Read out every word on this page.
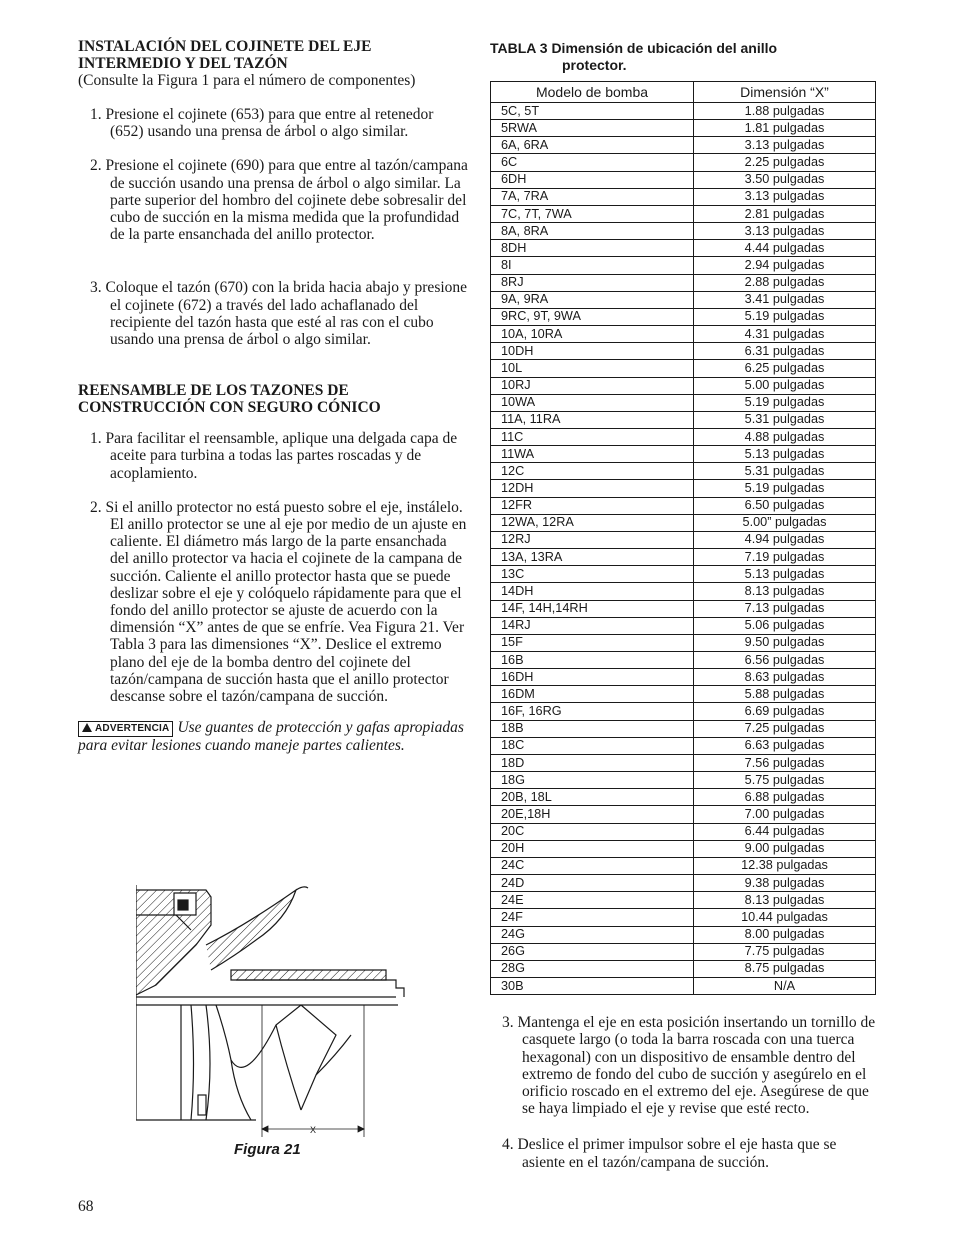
INSTALACIÓN DEL COJINETE DEL EJE INTERMEDIO Y DEL TAZÓN
(Consulte la Figura 1 para el número de componentes)

1. Presione el cojinete (653) para que entre al retenedor (652) usando una prensa de árbol o algo similar.

2. Presione el cojinete (690) para que entre al tazón/campana de succión usando una prensa de árbol o algo similar. La parte superior del hombro del cojinete debe sobresalir del cubo de succión en la misma medida que la profundidad de la parte ensanchada del anillo protector.

3. Coloque el tazón (670) con la brida hacia abajo y presione el cojinete (672) a través del lado achaflanado del recipiente del tazón hasta que esté al ras con el cubo usando una prensa de árbol o algo similar.

REENSAMBLE DE LOS TAZONES DE CONSTRUCCIÓN CON SEGURO CÓNICO

1. Para facilitar el reensamble, aplique una delgada capa de aceite para turbina a todas las partes roscadas y de acoplamiento.

2. Si el anillo protector no está puesto sobre el eje, instálelo. El anillo protector se une al eje por medio de un ajuste en caliente. El diámetro más largo de la parte ensanchada del anillo protector va hacia el cojinete de la campana de succión. Caliente el anillo protector hasta que se puede deslizar sobre el eje y colóquelo rápidamente para que el fondo del anillo protector se ajuste de acuerdo con la dimensión “X” antes de que se enfríe. Vea Figura 21. Ver Tabla 3 para las dimensiones “X”. Deslice el extremo plano del eje de la bomba dentro del cojinete del tazón/campana de succión hasta que el anillo protector descanse sobre el tazón/campana de succión.

ADVERTENCIA Use guantes de protección y gafas apropiadas para evitar lesiones cuando maneje partes calientes.
X
Figura 21
TABLA 3 Dimensión de ubicación del anillo
protector.
Modelo de bomba	Dimensión “X”
5C, 5T	1.88 pulgadas
5RWA	1.81 pulgadas
6A, 6RA	3.13 pulgadas
6C	2.25 pulgadas
6DH	3.50 pulgadas
7A, 7RA	3.13 pulgadas
7C, 7T, 7WA	2.81 pulgadas
8A, 8RA	3.13 pulgadas
8DH	4.44 pulgadas
8I	2.94 pulgadas
8RJ	2.88 pulgadas
9A, 9RA	3.41 pulgadas
9RC, 9T, 9WA	5.19 pulgadas
10A, 10RA	4.31 pulgadas
10DH	6.31 pulgadas
10L	6.25 pulgadas
10RJ	5.00 pulgadas
10WA	5.19 pulgadas
11A, 11RA	5.31 pulgadas
11C	4.88 pulgadas
11WA	5.13 pulgadas
12C	5.31 pulgadas
12DH	5.19 pulgadas
12FR	6.50 pulgadas
12WA, 12RA	5.00” pulgadas
12RJ	4.94 pulgadas
13A, 13RA	7.19 pulgadas
13C	5.13 pulgadas
14DH	8.13 pulgadas
14F, 14H,14RH	7.13 pulgadas
14RJ	5.06 pulgadas
15F	9.50 pulgadas
16B	6.56 pulgadas
16DH	8.63 pulgadas
16DM	5.88 pulgadas
16F, 16RG	6.69 pulgadas
18B	7.25 pulgadas
18C	6.63 pulgadas
18D	7.56 pulgadas
18G	5.75 pulgadas
20B, 18L	6.88 pulgadas
20E,18H	7.00 pulgadas
20C	6.44 pulgadas
20H	9.00 pulgadas
24C	12.38 pulgadas
24D	9.38 pulgadas
24E	8.13 pulgadas
24F	10.44 pulgadas
24G	8.00 pulgadas
26G	7.75 pulgadas
28G	8.75 pulgadas
30B	N/A

3. Mantenga el eje en esta posición insertando un tornillo de casquete largo (o toda la barra roscada con una tuerca hexagonal) con un dispositivo de ensamble dentro del extremo de fondo del cubo de succión y asegúrelo en el orificio roscado en el extremo del eje. Asegúrese de que se haya limpiado el eje y revise que esté recto.

4. Deslice el primer impulsor sobre el eje hasta que se asiente en el tazón/campana de succión.

68
